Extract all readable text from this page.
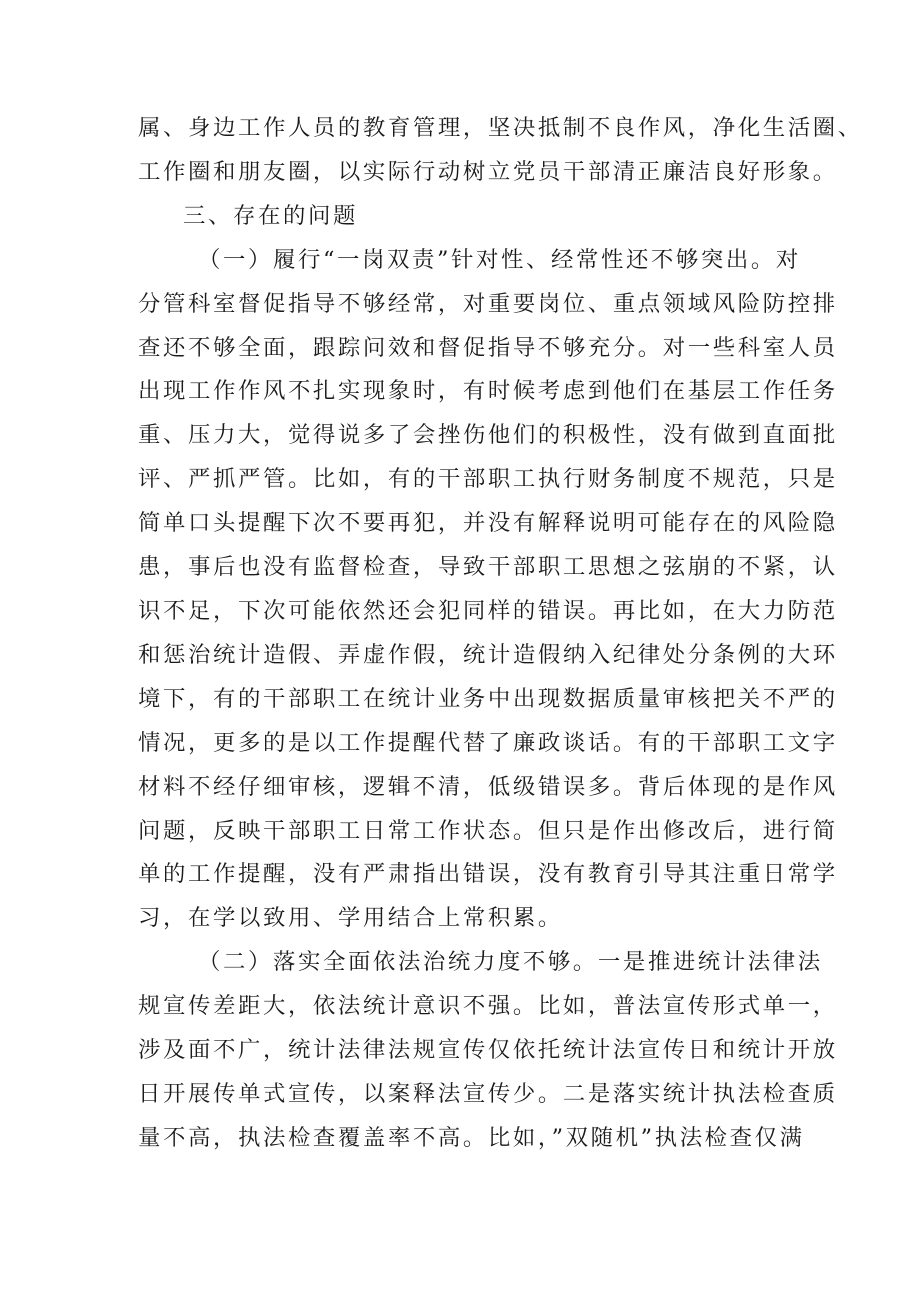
属、身边工作人员的教育管理，坚决抵制不良作风，净化生活圈、
工作圈和朋友圈，以实际行动树立党员干部清正廉洁良好形象。

三、存在的问题

（一）履行“一岗双责”针对性、经常性还不够突出。对
分管科室督促指导不够经常，对重要岗位、重点领域风险防控排
查还不够全面，跟踪问效和督促指导不够充分。对一些科室人员
出现工作作风不扎实现象时，有时候考虑到他们在基层工作任务
重、压力大，觉得说多了会挫伤他们的积极性，没有做到直面批
评、严抓严管。比如，有的干部职工执行财务制度不规范，只是
简单口头提醒下次不要再犯，并没有解释说明可能存在的风险隐
患，事后也没有监督检查，导致干部职工思想之弦崩的不紧，认
识不足，下次可能依然还会犯同样的错误。再比如，在大力防范
和惩治统计造假、弄虚作假，统计造假纳入纪律处分条例的大环
境下，有的干部职工在统计业务中出现数据质量审核把关不严的
情况，更多的是以工作提醒代替了廉政谈话。有的干部职工文字
材料不经仔细审核，逻辑不清，低级错误多。背后体现的是作风
问题，反映干部职工日常工作状态。但只是作出修改后，进行简
单的工作提醒，没有严肃指出错误，没有教育引导其注重日常学
习，在学以致用、学用结合上常积累。

（二）落实全面依法治统力度不够。一是推进统计法律法
规宣传差距大，依法统计意识不强。比如，普法宣传形式单一，
涉及面不广，统计法律法规宣传仅依托统计法宣传日和统计开放
日开展传单式宣传，以案释法宣传少。二是落实统计执法检查质
量不高，执法检查覆盖率不高。比如，”双随机”执法检查仅满
